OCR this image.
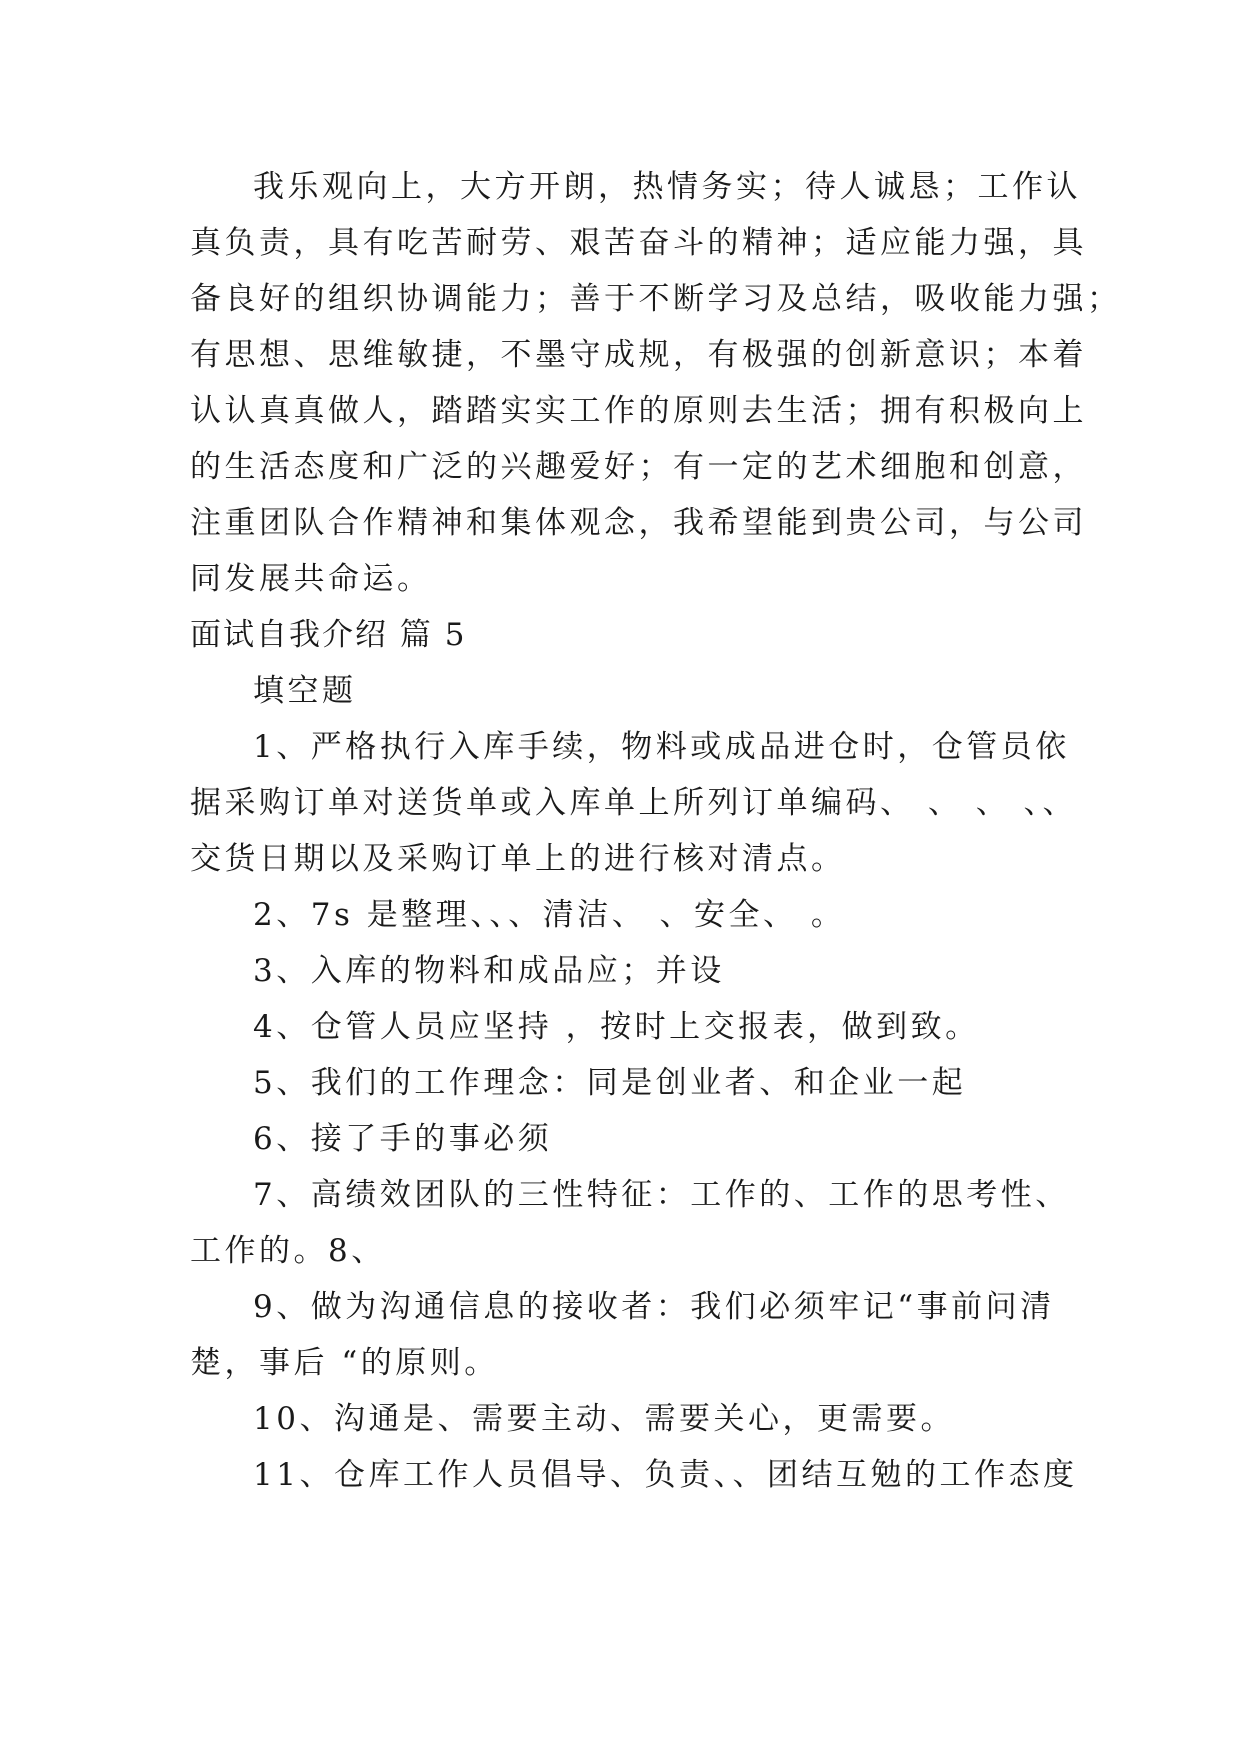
我乐观向上，大方开朗，热情务实；待人诚恳；工作认
真负责，具有吃苦耐劳、艰苦奋斗的精神；适应能力强，具
备良好的组织协调能力；善于不断学习及总结，吸收能力强；
有思想、思维敏捷，不墨守成规，有极强的创新意识；本着
认认真真做人，踏踏实实工作的原则去生活；拥有积极向上
的生活态度和广泛的兴趣爱好；有一定的艺术细胞和创意，
注重团队合作精神和集体观念，我希望能到贵公司，与公司
同发展共命运。
面试自我介绍 篇 5
填空题
1、严格执行入库手续，物料或成品进仓时，仓管员依
据采购订单对送货单或入库单上所列订单编码、 、 、 、、
交货日期以及采购订单上的进行核对清点。
2、7s 是整理、、、清洁、 、安全、 。
3、入库的物料和成品应；并设
4、仓管人员应坚持 ，按时上交报表，做到致。
5、我们的工作理念：同是创业者、和企业一起
6、接了手的事必须
7、高绩效团队的三性特征：工作的、工作的思考性、
工作的。8、
9、做为沟通信息的接收者：我们必须牢记“事前问清
楚，事后 “的原则。
10、沟通是、需要主动、需要关心，更需要。
11、仓库工作人员倡导、负责、、团结互勉的工作态度
